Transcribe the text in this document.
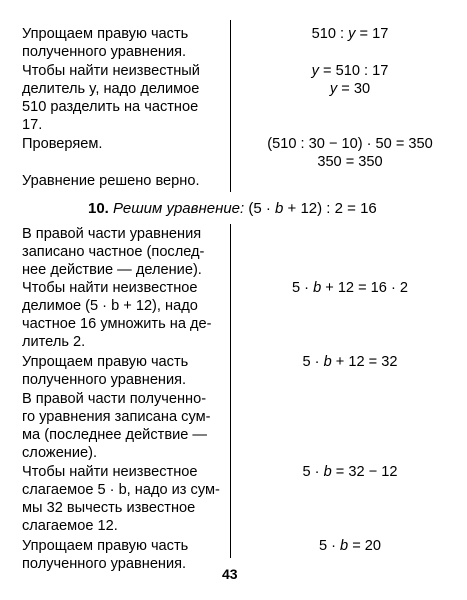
Упрощаем правую часть

полученного уравнения.

510 : y = 17

Чтобы найти неизвестный

делитель y, надо делимое

510 разделить на частное

17.

y = 510 : 17

y = 30

Проверяем.	(510 : 30 − 10) · 50 = 350

350 = 350

Уравнение решено верно.

10. Решим уравнение: (5 · b + 12) : 2 = 16

В правой части уравнения

записано частное (послед-

нее действие — деление).

Чтобы найти неизвестное

делимое (5 · b + 12), надо

частное 16 умножить на де-

литель 2.

5 · b + 12 = 16 · 2

Упрощаем правую часть

полученного уравнения.

5 · b + 12 = 32

В правой части полученно-

го уравнения записана сум-

ма (последнее действие —

сложение).

Чтобы найти неизвестное

слагаемое 5 · b, надо из сум-

мы 32 вычесть известное

слагаемое 12.

5 · b = 32 − 12

Упрощаем правую часть

полученного уравнения.

5 · b = 20

43
